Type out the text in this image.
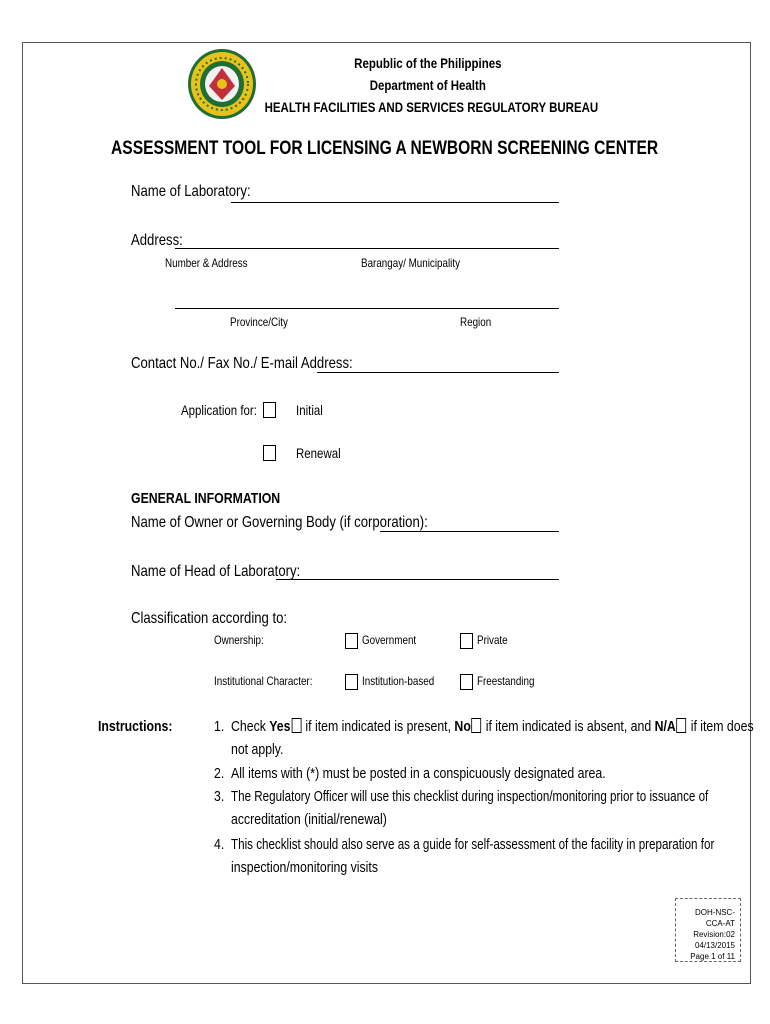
Republic of the Philippines
Department of Health
HEALTH FACILITIES AND SERVICES REGULATORY BUREAU
ASSESSMENT TOOL FOR LICENSING A NEWBORN SCREENING CENTER
Name of Laboratory:
Address:
Number & Address	Barangay/ Municipality
Province/City	Region
Contact No./ Fax No./ E-mail Address:
Application for:	Initial
Renewal
GENERAL INFORMATION
Name of Owner or Governing Body (if corporation):
Name of Head of Laboratory:
Classification according to:
Ownership:	Government	Private
Institutional Character:	Institution-based	Freestanding
Instructions:	1. Check Yes if item indicated is present, No if item indicated is absent, and N/A if item does
not apply.
2. All items with (*) must be posted in a conspicuously designated area.
3. The Regulatory Officer will use this checklist during inspection/monitoring prior to issuance of
accreditation (initial/renewal)
4. This checklist should also serve as a guide for self-assessment of the facility in preparation for
inspection/monitoring visits
DOH-NSC-CCA-AT
Revision:02
04/13/2015
Page 1 of 11
